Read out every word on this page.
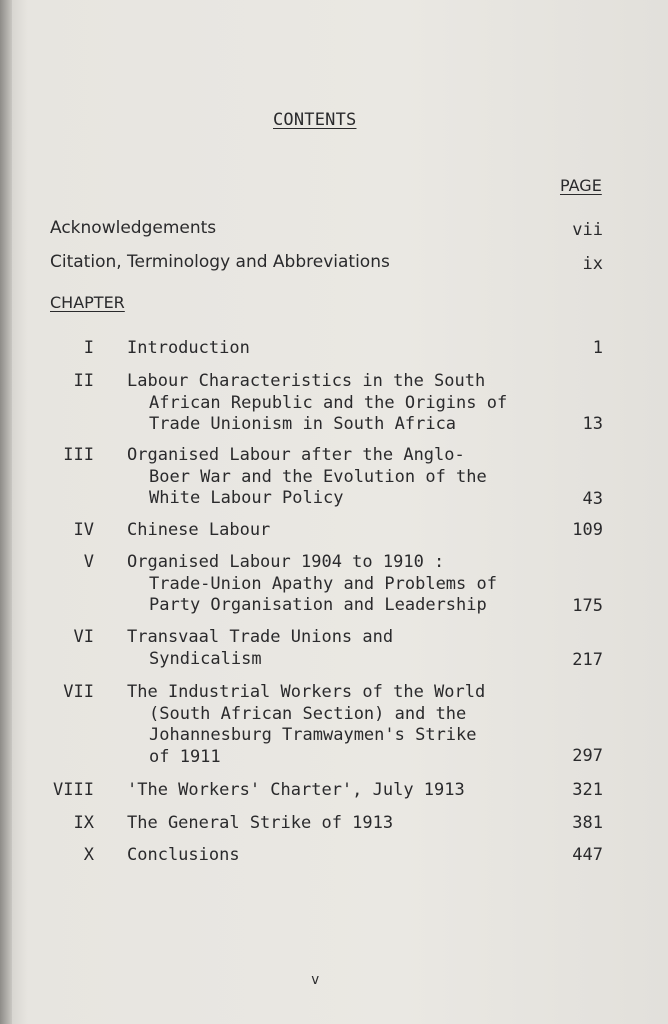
CONTENTS
PAGE
Acknowledgements	vii
Citation, Terminology and Abbreviations	ix
CHAPTER
I Introduction	1
II Labour Characteristics in the South
African Republic and the Origins of
Trade Unionism in South Africa	13
III Organised Labour after the Anglo-
Boer War and the Evolution of the
White Labour Policy	43
IV Chinese Labour	109
V Organised Labour 1904 to 1910 :
Trade-Union Apathy and Problems of
Party Organisation and Leadership	175
VI Transvaal Trade Unions and
Syndicalism	217
VII The Industrial Workers of the World
(South African Section) and the
Johannesburg Tramwaymen's Strike
of 1911	297
VIII 'The Workers' Charter', July 1913	321
IX The General Strike of 1913	381
X Conclusions	447
v
